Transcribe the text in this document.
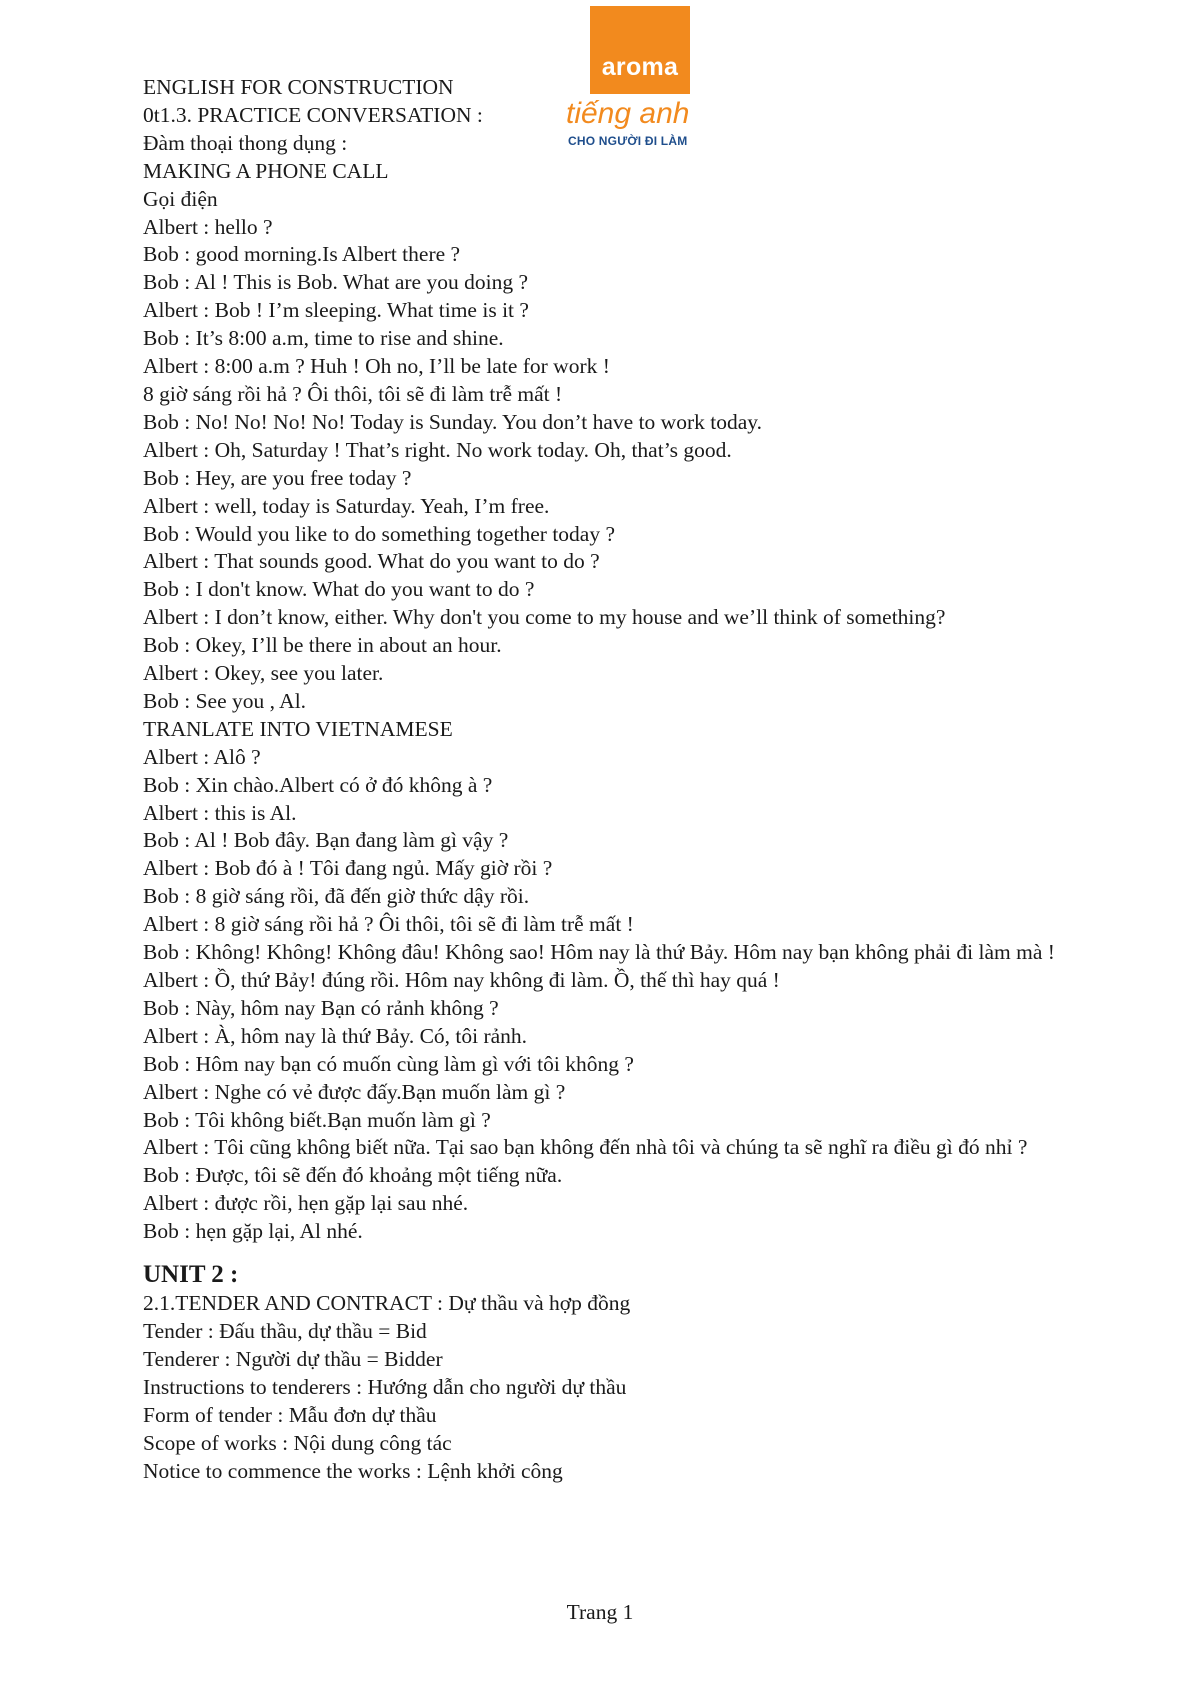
aroma
tiếng anh
CHO NGƯỜI ĐI LÀM
ENGLISH FOR CONSTRUCTION
0t1.3. PRACTICE CONVERSATION :
Đàm thoại thong dụng :
MAKING A PHONE CALL
Gọi điện
Albert : hello ?
Bob : good morning.Is Albert there ?
Bob : Al ! This is Bob. What are you doing ?
Albert : Bob ! I’m sleeping. What time is it ?
Bob : It’s 8:00 a.m, time to rise and shine.
Albert : 8:00 a.m ? Huh ! Oh no, I’ll be late for work !
8 giờ sáng rồi hả ? Ôi thôi, tôi sẽ đi làm trễ mất !
Bob : No! No! No! No! Today is Sunday. You don’t have to work today.
Albert : Oh, Saturday ! That’s right. No work today. Oh, that’s good.
Bob : Hey, are you free today ?
Albert : well, today is Saturday. Yeah, I’m free.
Bob : Would you like to do something together today ?
Albert : That sounds good. What do you want to do ?
Bob : I don't know. What do you want to do ?
Albert : I don’t know, either. Why don't you come to my house and we’ll think of something?
Bob : Okey, I’ll be there in about an hour.
Albert : Okey, see you later.
Bob : See you , Al.
TRANLATE INTO VIETNAMESE
Albert : Alô ?
Bob : Xin chào.Albert có ở đó không à ?
Albert : this is Al.
Bob : Al ! Bob đây. Bạn đang làm gì vậy ?
Albert : Bob đó à ! Tôi đang ngủ. Mấy giờ rồi ?
Bob : 8 giờ sáng rồi, đã đến giờ thức dậy rồi.
Albert : 8 giờ sáng rồi hả ? Ôi thôi, tôi sẽ đi làm trễ mất !
Bob : Không! Không! Không đâu! Không sao! Hôm nay là thứ Bảy. Hôm nay bạn không phải đi làm mà !
Albert : Ồ, thứ Bảy! đúng rồi. Hôm nay không đi làm. Ồ, thế thì hay quá !
Bob : Này, hôm nay Bạn có rảnh không ?
Albert : À, hôm nay là thứ Bảy. Có, tôi rảnh.
Bob : Hôm nay bạn có muốn cùng làm gì với tôi không ?
Albert : Nghe có vẻ được đấy.Bạn muốn làm gì ?
Bob : Tôi không biết.Bạn muốn làm gì ?
Albert : Tôi cũng không biết nữa. Tại sao bạn không đến nhà tôi và chúng ta sẽ nghĩ ra điều gì đó nhỉ ?
Bob : Được, tôi sẽ đến đó khoảng một tiếng nữa.
Albert : được rồi, hẹn gặp lại sau nhé.
Bob : hẹn gặp lại, Al nhé.
UNIT 2 :
2.1.TENDER AND CONTRACT : Dự thầu và hợp đồng
Tender : Đấu thầu, dự thầu = Bid
Tenderer : Người dự thầu = Bidder
Instructions to tenderers : Hướng dẫn cho người dự thầu
Form of tender : Mẫu đơn dự thầu
Scope of works : Nội dung công tác
Notice to commence the works : Lệnh khởi công
Trang 1
